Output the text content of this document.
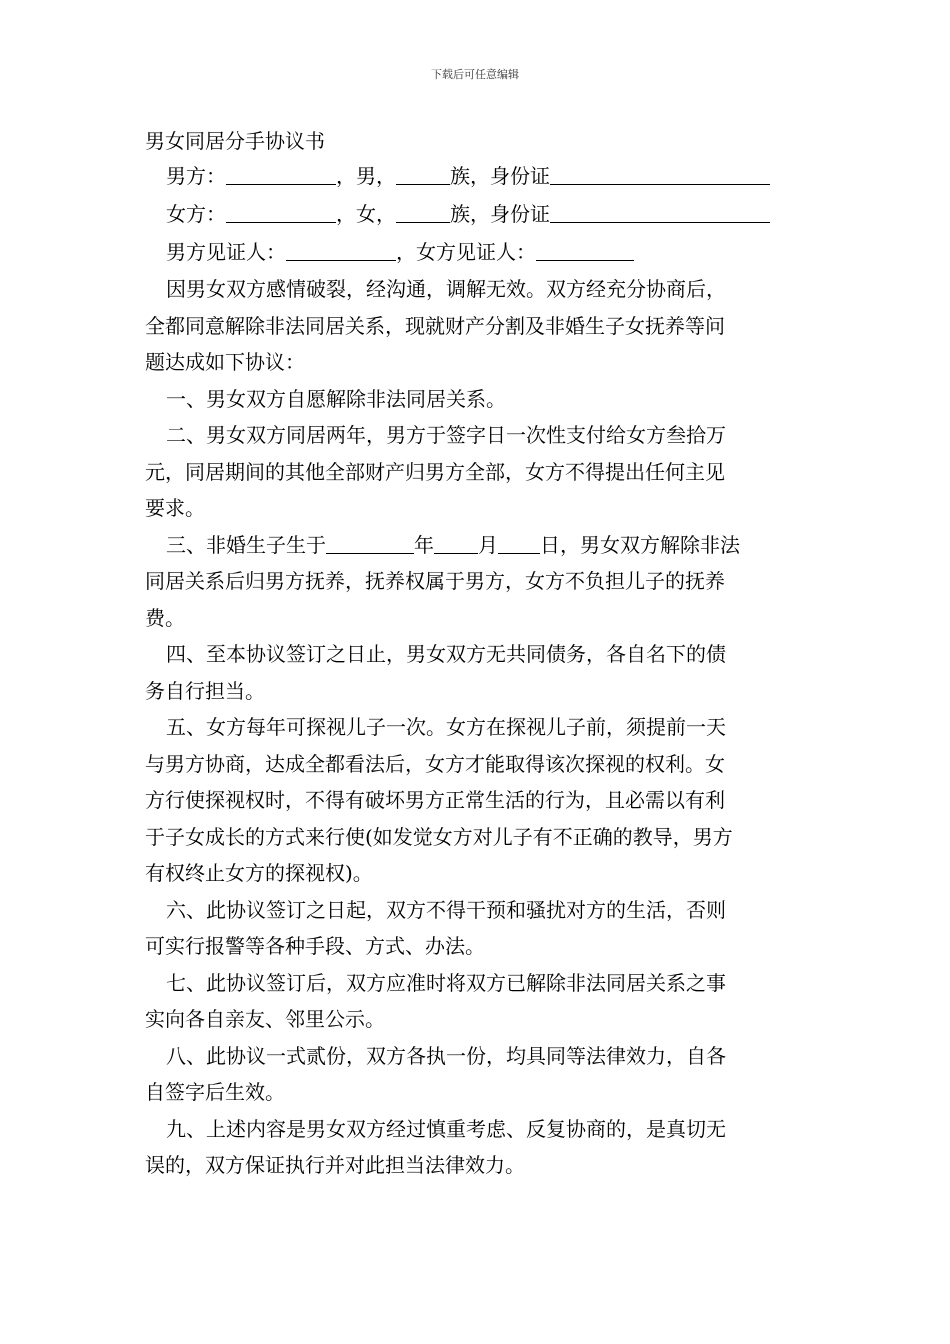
下载后可任意编辑
男女同居分手协议书
男方：	，男，	族，身份证
女方：	，女，	族，身份证
男方见证人：	，女方见证人：
因男女双方感情破裂，经沟通，调解无效。双方经充分协商后，
全都同意解除非法同居关系，现就财产分割及非婚生子女抚养等问
题达成如下协议：
一、男女双方自愿解除非法同居关系。
二、男女双方同居两年，男方于签字日一次性支付给女方叁拾万
元，同居期间的其他全部财产归男方全部，女方不得提出任何主见
要求。
三、非婚生子生于	年 月 日，男女双方解除非法
同居关系后归男方抚养，抚养权属于男方，女方不负担儿子的抚养
费。
四、至本协议签订之日止，男女双方无共同债务，各自名下的债
务自行担当。
五、女方每年可探视儿子一次。女方在探视儿子前，须提前一天
与男方协商，达成全都看法后，女方才能取得该次探视的权利。女
方行使探视权时，不得有破坏男方正常生活的行为，且必需以有利
于子女成长的方式来行使(如发觉女方对儿子有不正确的教导，男方
有权终止女方的探视权)。
六、此协议签订之日起，双方不得干预和骚扰对方的生活，否则
可实行报警等各种手段、方式、办法。
七、此协议签订后，双方应准时将双方已解除非法同居关系之事
实向各自亲友、邻里公示。
八、此协议一式贰份，双方各执一份，均具同等法律效力，自各
自签字后生效。
九、上述内容是男女双方经过慎重考虑、反复协商的，是真切无
误的，双方保证执行并对此担当法律效力。
